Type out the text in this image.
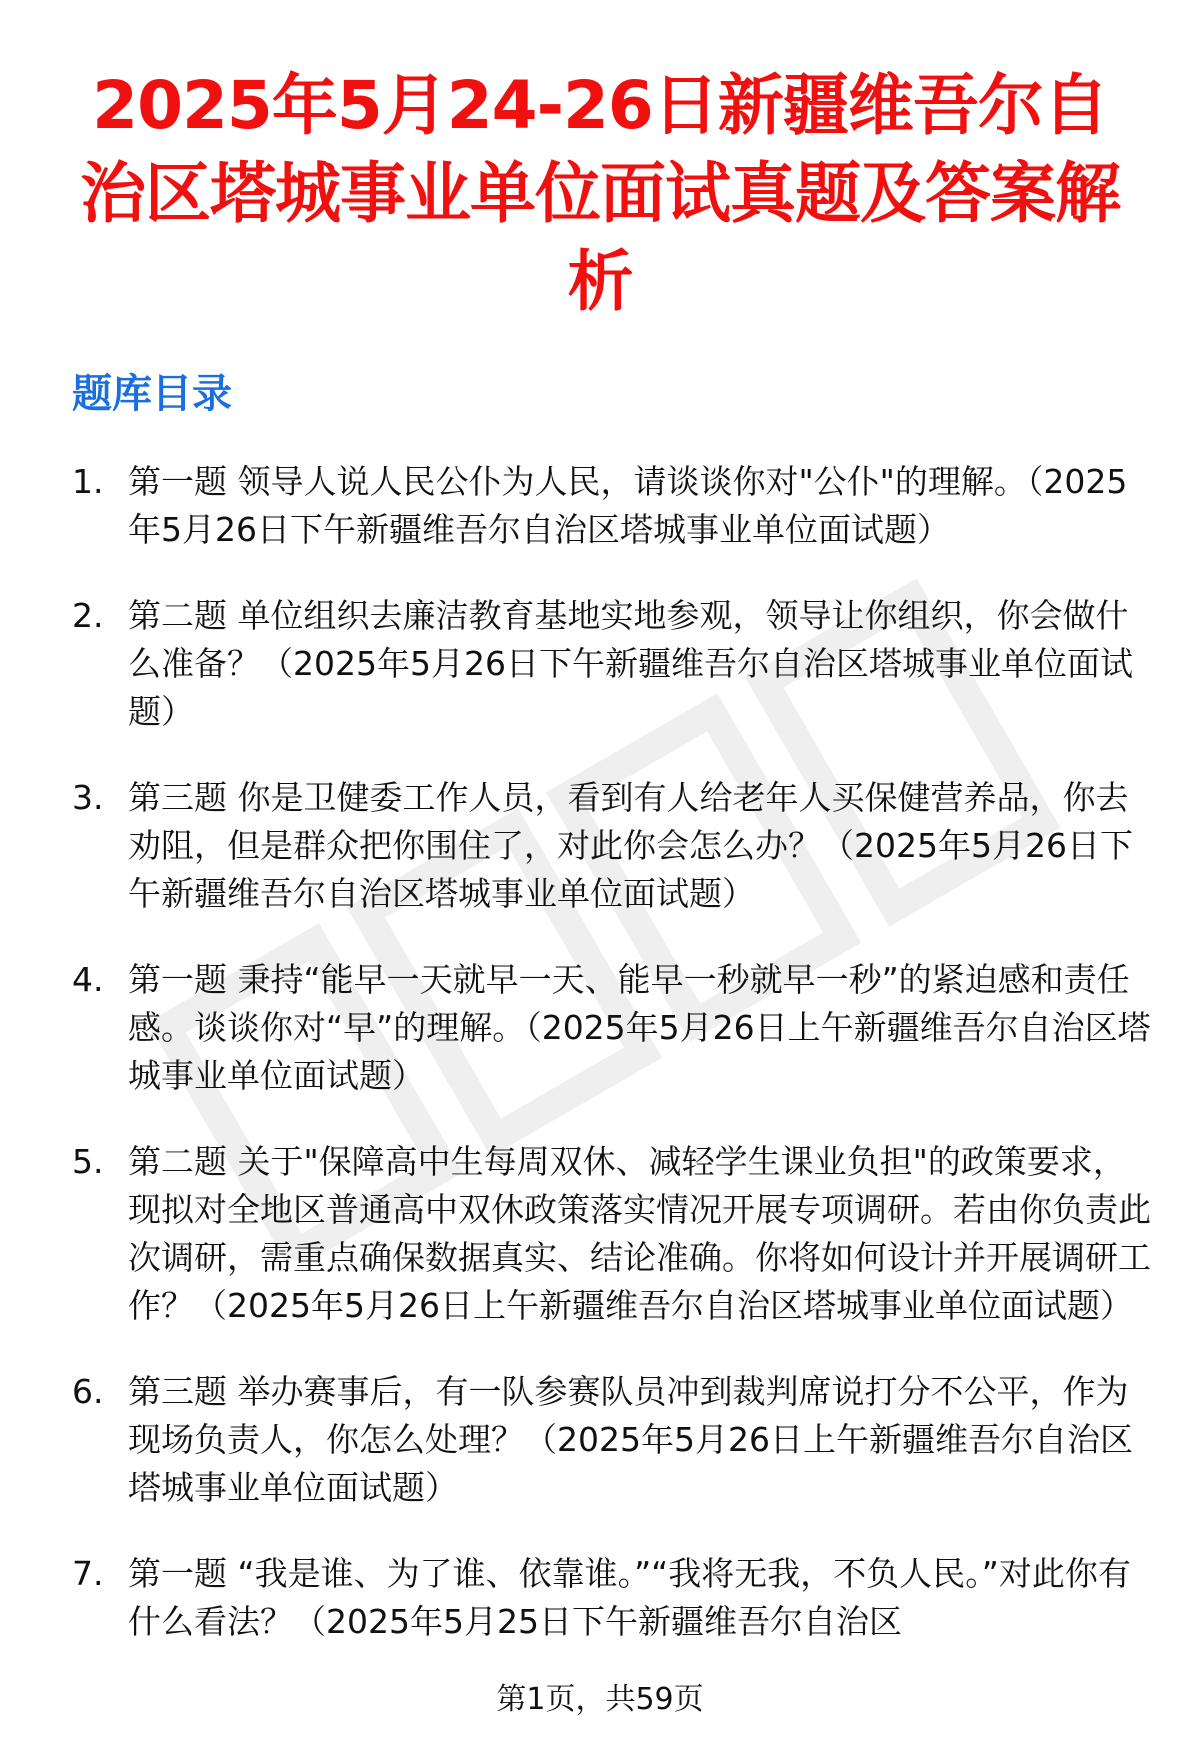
2025年5月24-26日新疆维吾尔自治区塔城事业单位面试真题及答案解析
题库目录
1. 第一题 领导人说人民公仆为人民，请谈谈你对"公仆"的理解。（2025年5月26日下午新疆维吾尔自治区塔城事业单位面试题）
2. 第二题 单位组织去廉洁教育基地实地参观，领导让你组织，你会做什么准备？（2025年5月26日下午新疆维吾尔自治区塔城事业单位面试题）
3. 第三题 你是卫健委工作人员，看到有人给老年人买保健营养品，你去劝阻，但是群众把你围住了，对此你会怎么办？（2025年5月26日下午新疆维吾尔自治区塔城事业单位面试题）
4. 第一题 秉持“能早一天就早一天、能早一秒就早一秒”的紧迫感和责任感。谈谈你对“早”的理解。（2025年5月26日上午新疆维吾尔自治区塔城事业单位面试题）
5. 第二题 关于"保障高中生每周双休、减轻学生课业负担"的政策要求，现拟对全地区普通高中双休政策落实情况开展专项调研。若由你负责此次调研，需重点确保数据真实、结论准确。你将如何设计并开展调研工作？（2025年5月26日上午新疆维吾尔自治区塔城事业单位面试题）
6. 第三题 举办赛事后，有一队参赛队员冲到裁判席说打分不公平，作为现场负责人，你怎么处理？（2025年5月26日上午新疆维吾尔自治区塔城事业单位面试题）
7. 第一题 “我是谁、为了谁、依靠谁。”“我将无我，不负人民。”对此你有什么看法？（2025年5月25日下午新疆维吾尔自治区
第1页，共59页
